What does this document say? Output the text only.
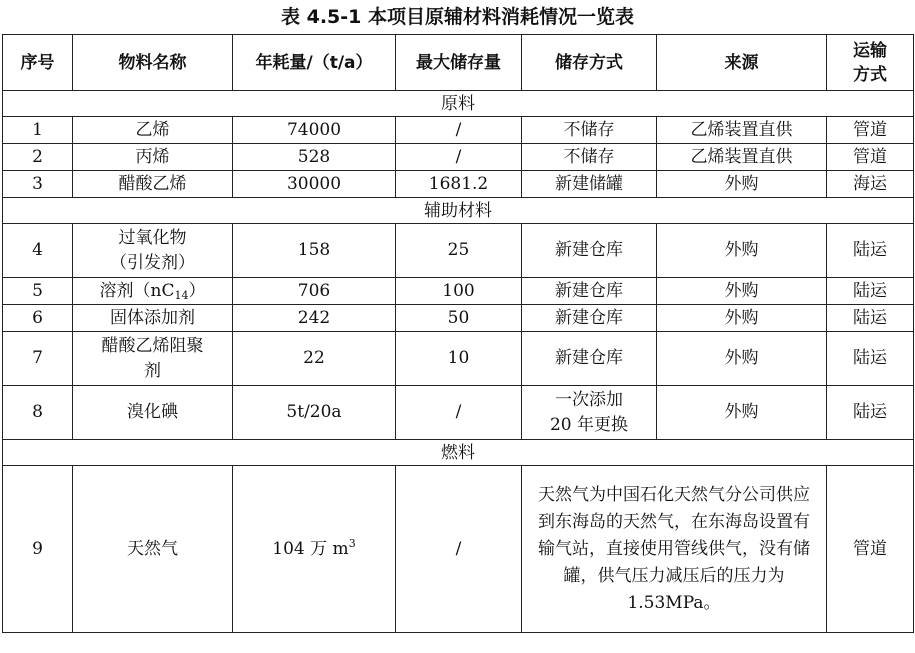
表 4.5-1 本项目原辅材料消耗情况一览表
序号	物料名称	年耗量/（t/a）	最大储存量	储存方式	来源	运输
方式
原料						
1	乙烯	74000	/	不储存	乙烯装置直供	管道
2	丙烯	528	/	不储存	乙烯装置直供	管道
3	醋酸乙烯	30000	1681.2	新建储罐	外购	海运
辅助材料						
4	过氧化物
（引发剂）	158	25	新建仓库	外购	陆运
5	溶剂$(nC_{14})$	706	100	新建仓库	外购	陆运
6	固体添加剂	242	50	新建仓库	外购	陆运
7	醋酸乙烯阻聚
剂	22	10	新建仓库	外购	陆运
8	溴化碘	5t/20a	/	一次添加
20 年更换	外购	陆运
燃料						
9	天然气	104 万 $m^3$	/	天然气为中国石化天然气分公司供应到东海岛的天然气，在东海岛设置有输气站，直接使用管线供气，没有储罐，供气压力减压后的压力为1.53MPa。		管道
